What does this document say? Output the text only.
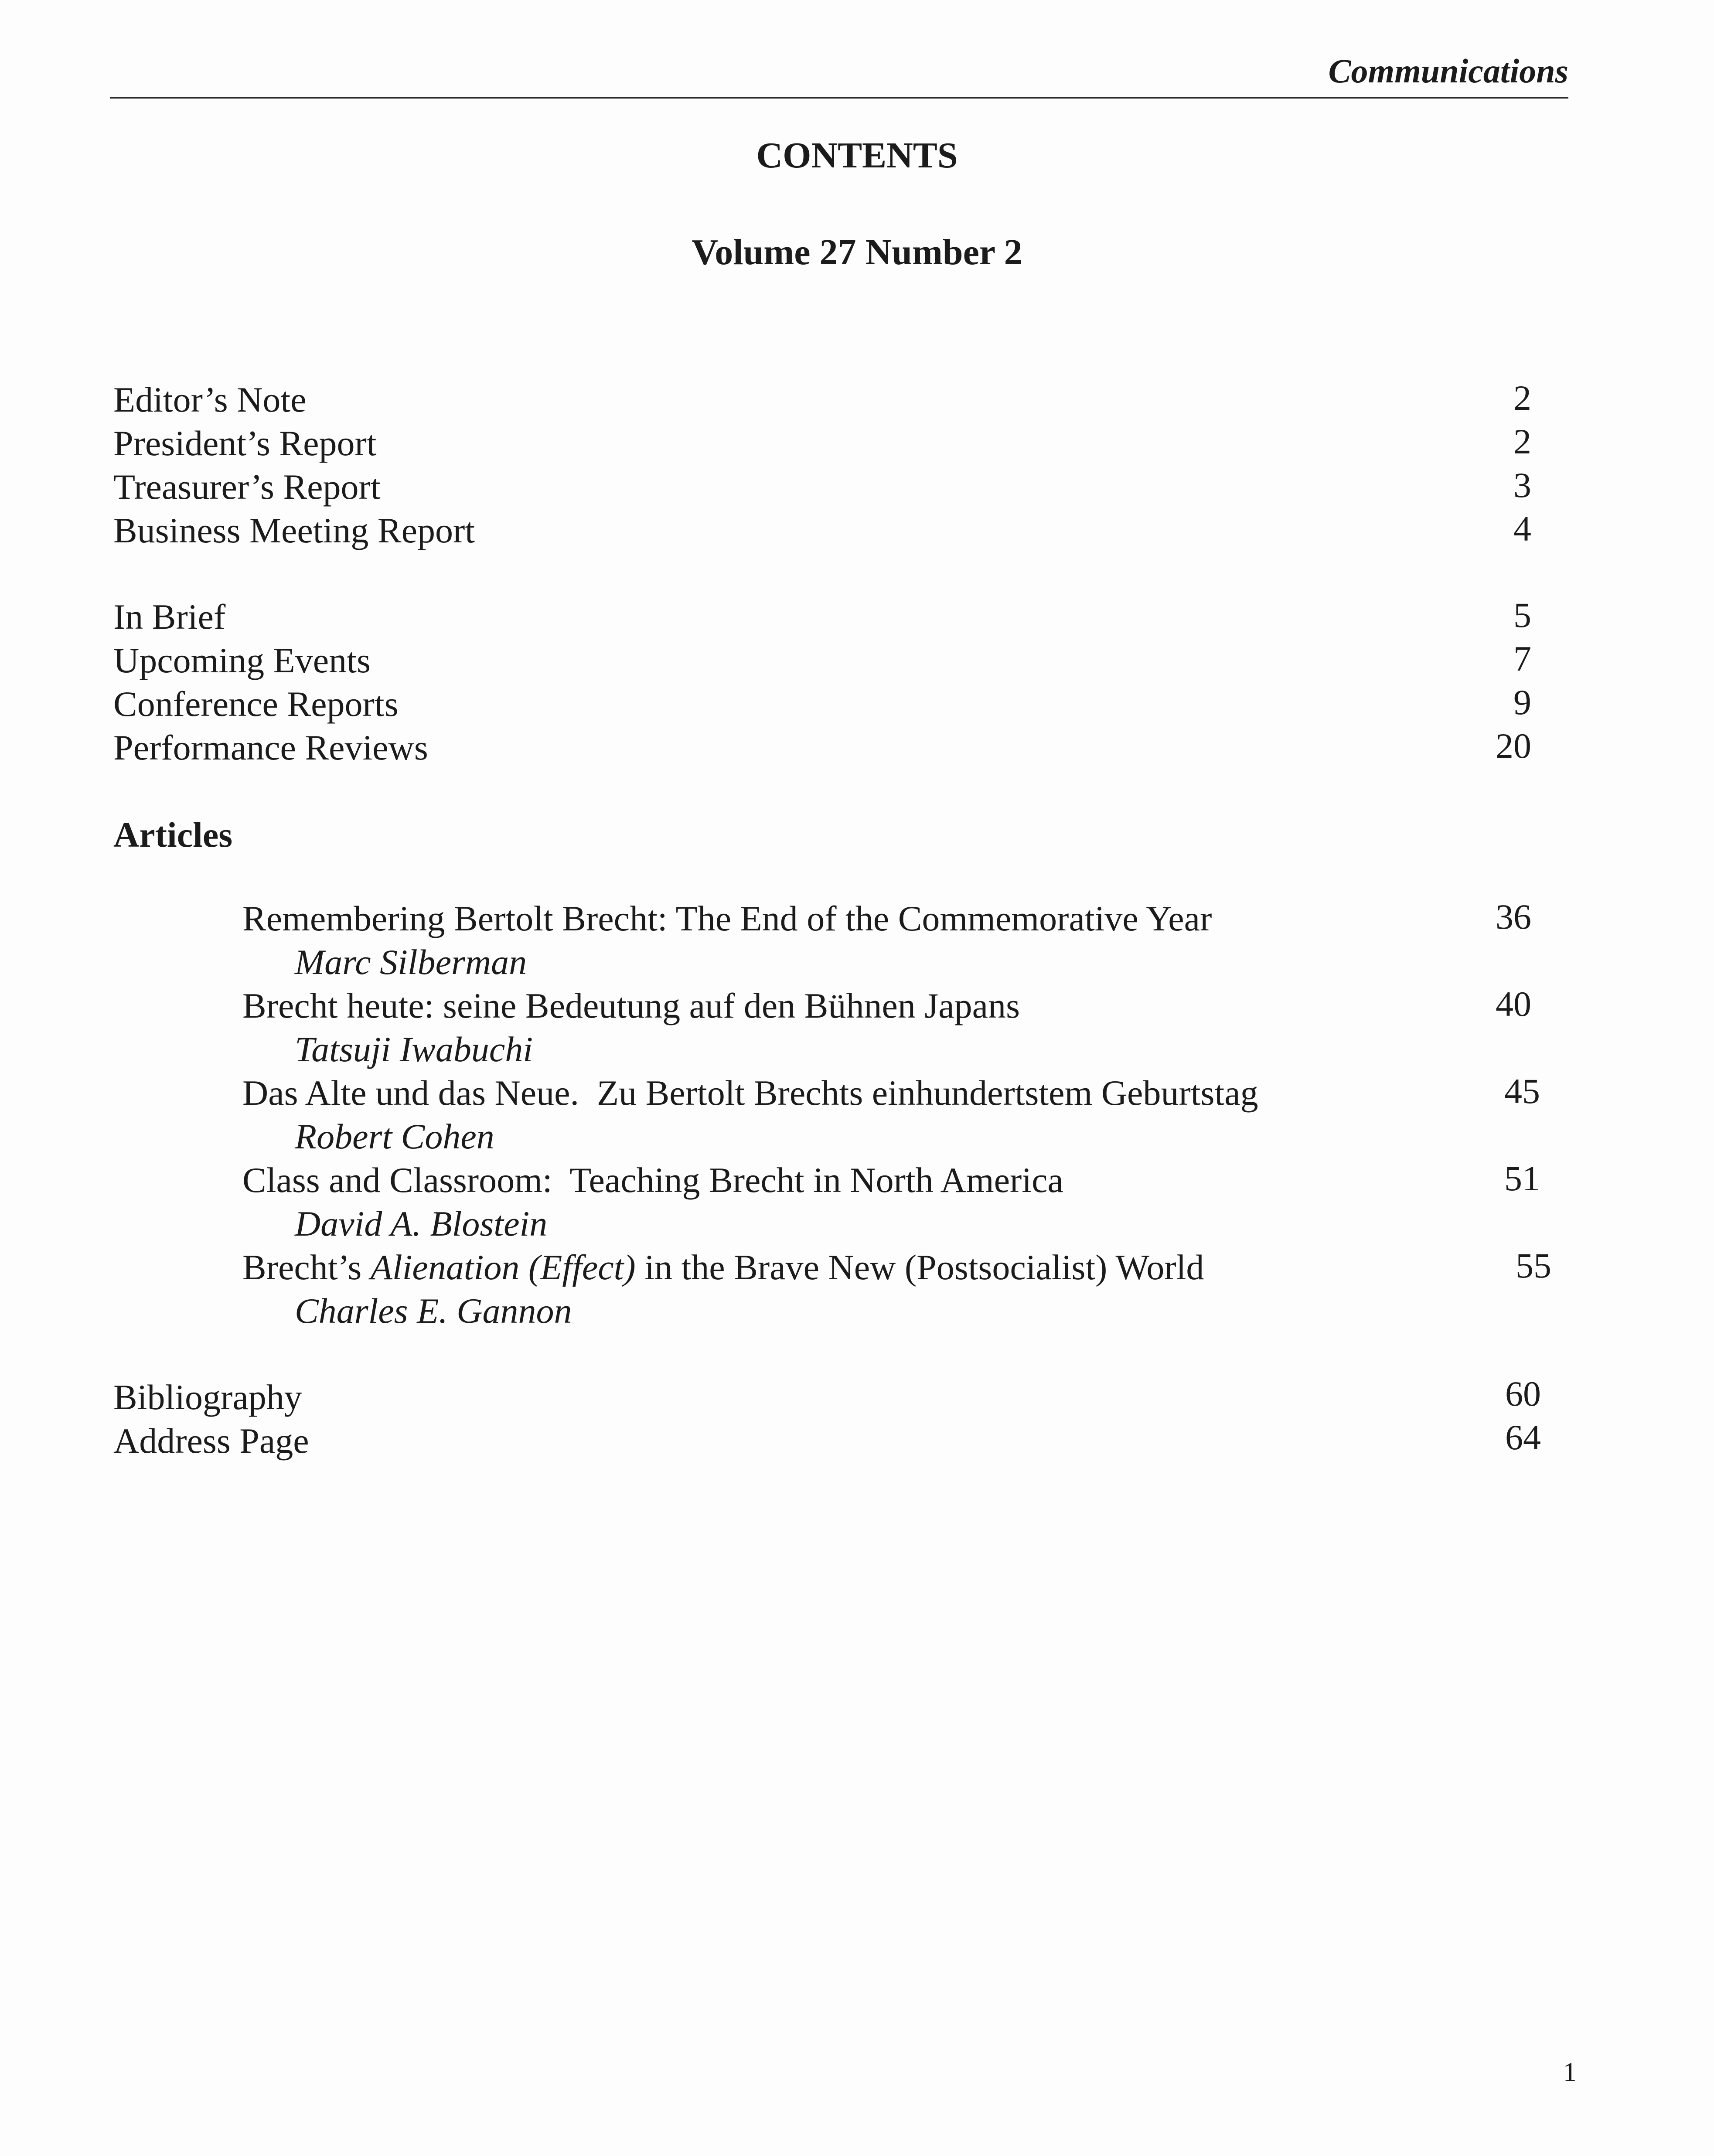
Communications
CONTENTS
Volume 27 Number 2
Editor’s Note	2
President’s Report	2
Treasurer’s Report	3
Business Meeting Report	4
In Brief	5
Upcoming Events	7
Conference Reports	9
Performance Reviews	20
Articles
Remembering Bertolt Brecht: The End of the Commemorative Year	36
Marc Silberman
Brecht heute: seine Bedeutung auf den Bühnen Japans	40
Tatsuji Iwabuchi
Das Alte und das Neue.  Zu Bertolt Brechts einhundertstem Geburtstag	45
Robert Cohen
Class and Classroom:  Teaching Brecht in North America	51
David A. Blostein
Brecht’s Alienation (Effect) in the Brave New (Postsocialist) World	55
Charles E. Gannon
Bibliography	60
Address Page	64
1
